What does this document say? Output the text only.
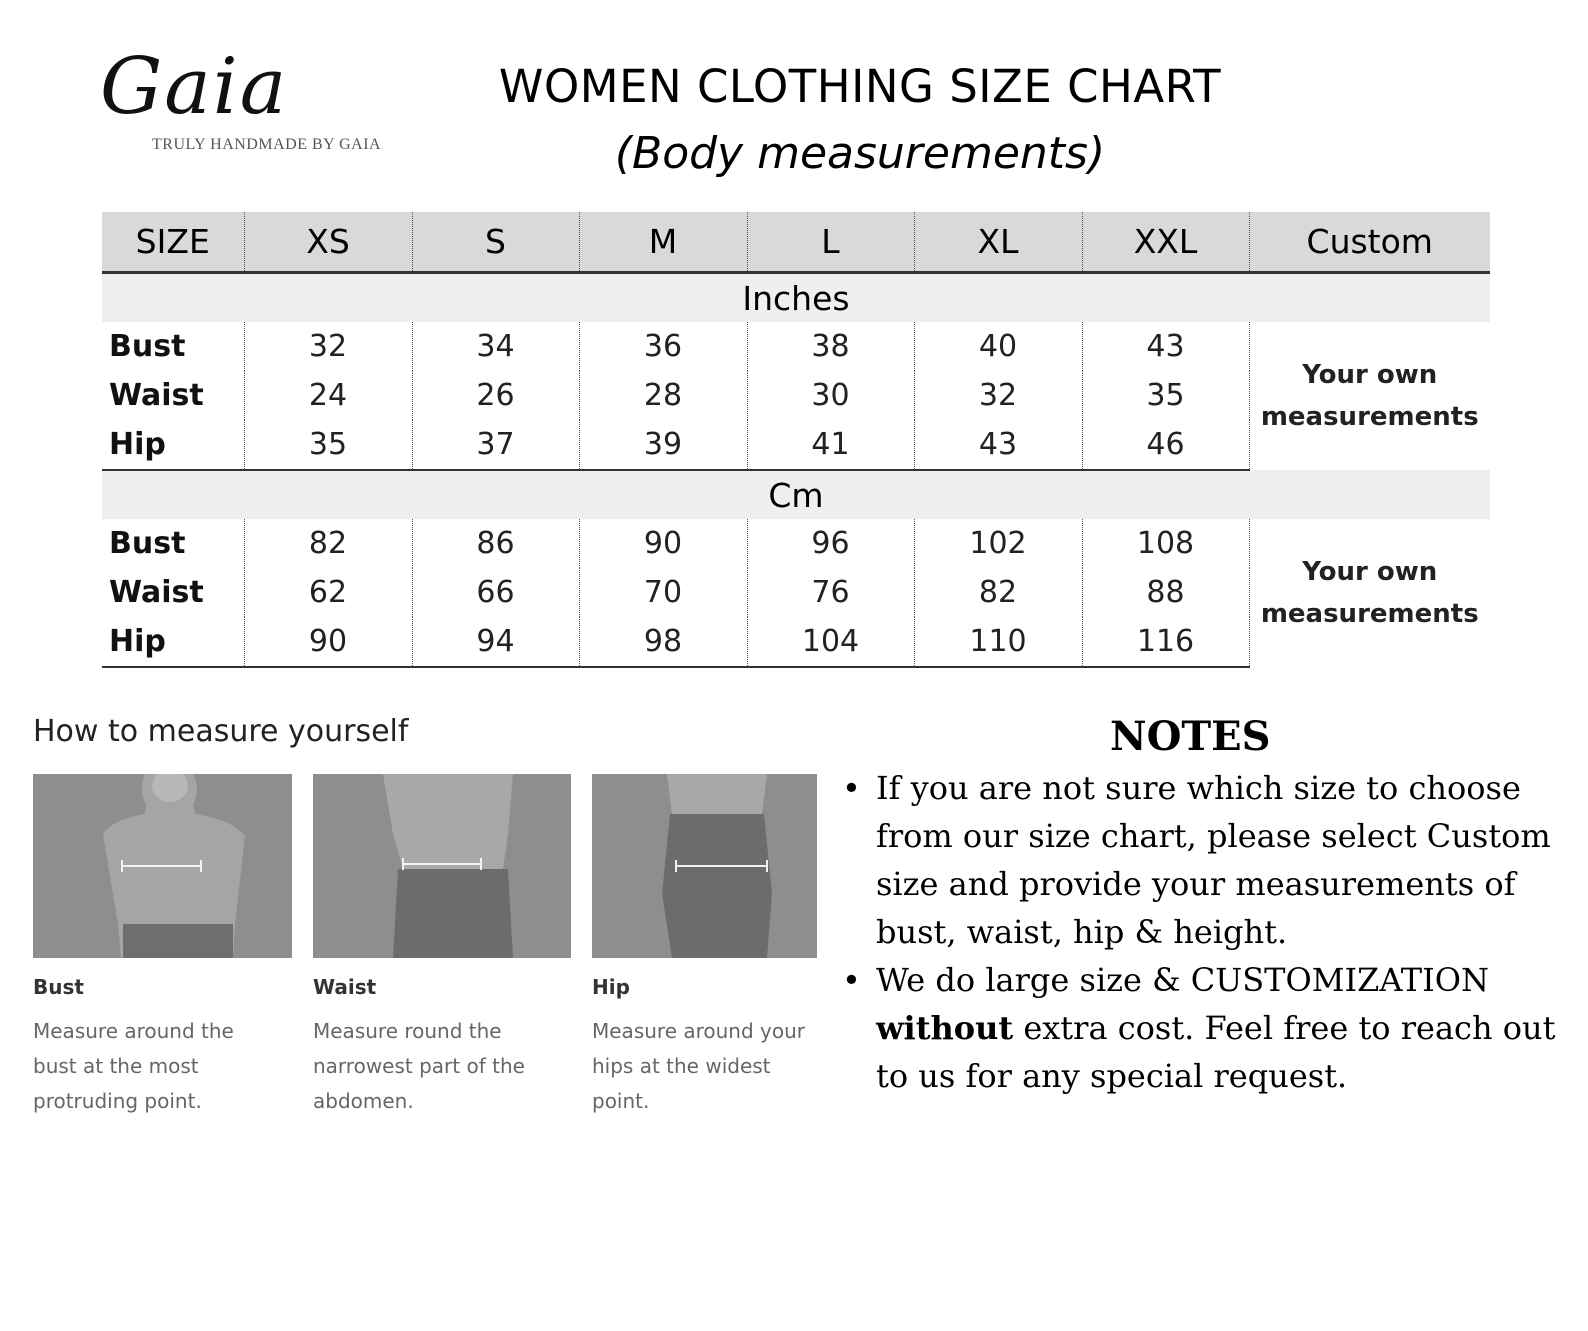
Gaia
TRULY HANDMADE BY GAIA
WOMEN CLOTHING SIZE CHART
(Body measurements)
SIZE	XS	S	M	L	XL	XXL	Custom
Inches							
Bust	32	34	36	38	40	43	Your own
measurements
Waist	24	26	28	30	32	35	
Hip	35	37	39	41	43	46	
Cm							
Bust	82	86	90	96	102	108	Your own
measurements
Waist	62	66	70	76	82	88	
Hip	90	94	98	104	110	116	
How to measure yourself
Bust
Measure around the
bust at the most
protruding point.
Waist
Measure round the
narrowest part of the
abdomen.
Hip
Measure around your
hips at the widest
point.
NOTES
• If you are not sure which size to choose from our size chart, please select Custom size and provide your measurements of bust, waist, hip & height.
• We do large size & CUSTOMIZATION without extra cost. Feel free to reach out to us for any special request.
